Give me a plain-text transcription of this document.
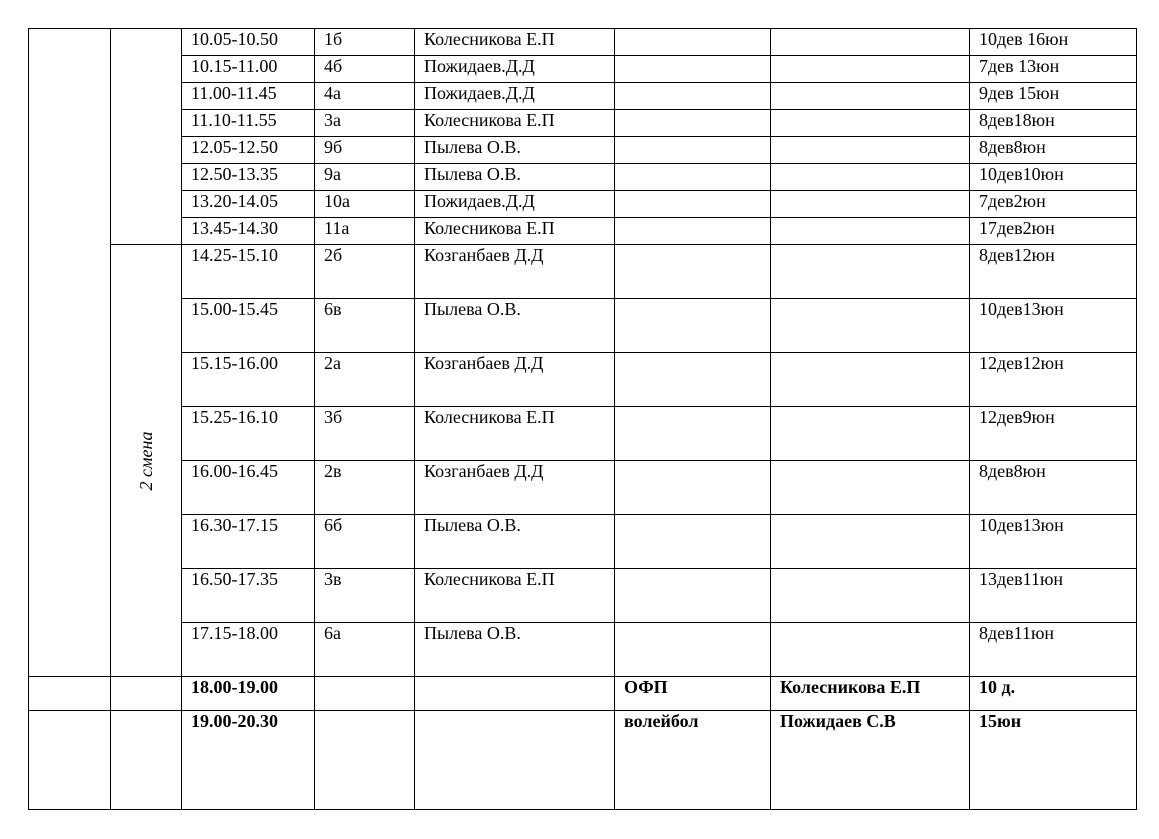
		10.05-10.50	1б	Колесникова Е.П			10дев 16юн
		10.15-11.00	4б	Пожидаев.Д.Д			7дев 13юн
		11.00-11.45	4а	Пожидаев.Д.Д			9дев 15юн
		11.10-11.55	3а	Колесникова Е.П			8дев18юн
		12.05-12.50	9б	Пылева О.В.			8дев8юн
		12.50-13.35	9а	Пылева О.В.			10дев10юн
		13.20-14.05	10а	Пожидаев.Д.Д			7дев2юн
		13.45-14.30	11а	Колесникова Е.П			17дев2юн

	2 смена	14.25-15.10	2б	Козганбаев Д.Д			8дев12юн
		15.00-15.45	6в	Пылева О.В.			10дев13юн
		15.15-16.00	2а	Козганбаев Д.Д			12дев12юн
		15.25-16.10	3б	Колесникова Е.П			12дев9юн
		16.00-16.45	2в	Козганбаев Д.Д			8дев8юн
		16.30-17.15	6б	Пылева О.В.			10дев13юн
		16.50-17.35	3в	Колесникова Е.П			13дев11юн
		17.15-18.00	6а	Пылева О.В.			8дев11юн
		18.00-19.00			ОФП	Колесникова Е.П	10 д.
		19.00-20.30			волейбол	Пожидаев С.В	15юн
